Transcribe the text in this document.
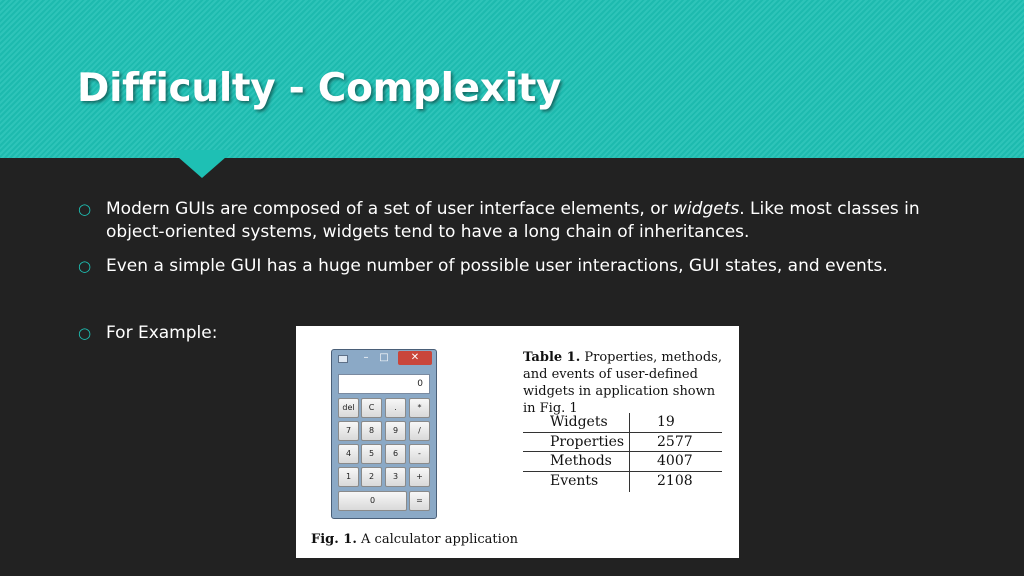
Difficulty - Complexity
○ Modern GUIs are composed of a set of user interface elements, or widgets. Like most classes in object-oriented systems, widgets tend to have a long chain of inheritances.
○ Even a simple GUI has a huge number of possible user interactions, GUI states, and events.
○ For Example:
–	□	✕
0
del	C	.	*
7	8	9	/
4	5	6	-
1	2	3	+
0	=
Fig. 1. A calculator application
Table 1. Properties, methods, and events of user-defined widgets in application shown in Fig. 1
Widgets	19
Properties 2577
Methods	4007
Events	2108
